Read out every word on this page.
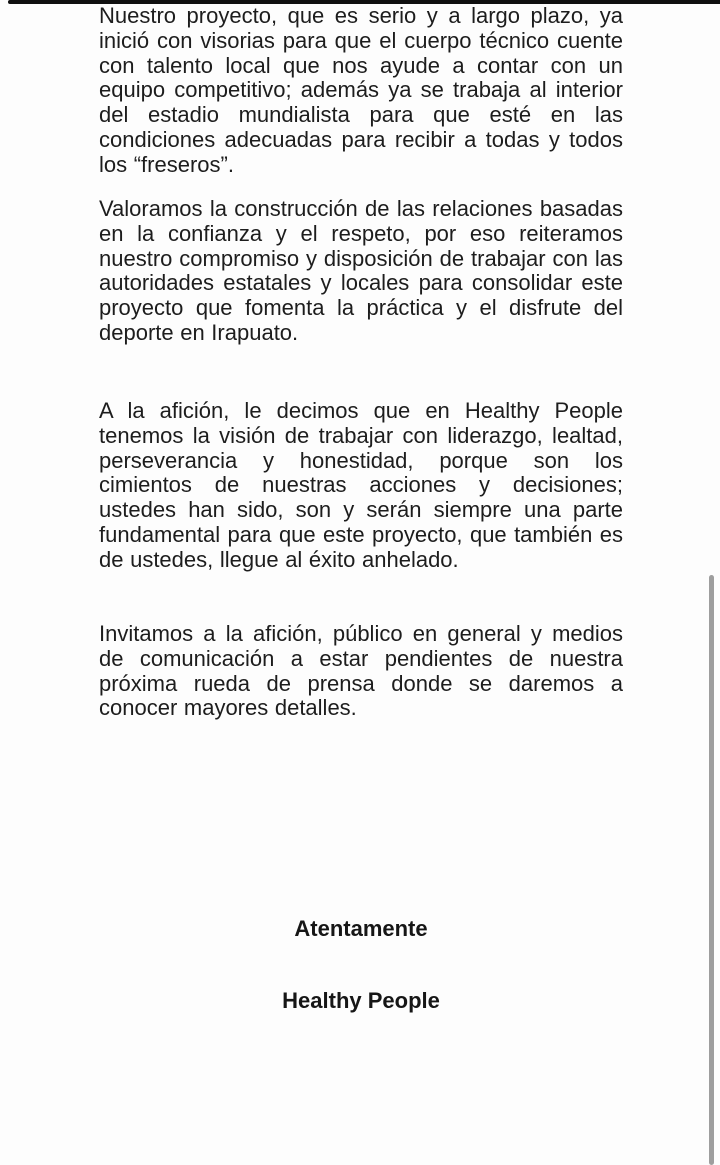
Nuestro proyecto, que es serio y a largo plazo, ya inició con visorias para que el cuerpo técnico cuente con talento local que nos ayude a contar con un equipo competitivo; además ya se trabaja al interior del estadio mundialista para que esté en las condiciones adecuadas para recibir a todas y todos los “freseros”.

Valoramos la construcción de las relaciones basadas en la confianza y el respeto, por eso reiteramos nuestro compromiso y disposición de trabajar con las autoridades estatales y locales para consolidar este proyecto que fomenta la práctica y el disfrute del deporte en Irapuato.

A la afición, le decimos que en Healthy People tenemos la visión de trabajar con liderazgo, lealtad, perseverancia y honestidad, porque son los cimientos de nuestras acciones y decisiones; ustedes han sido, son y serán siempre una parte fundamental para que este proyecto, que también es de ustedes, llegue al éxito anhelado.

Invitamos a la afición, público en general y medios de comunicación a estar pendientes de nuestra próxima rueda de prensa donde se daremos a conocer mayores detalles.

Atentamente

Healthy People
